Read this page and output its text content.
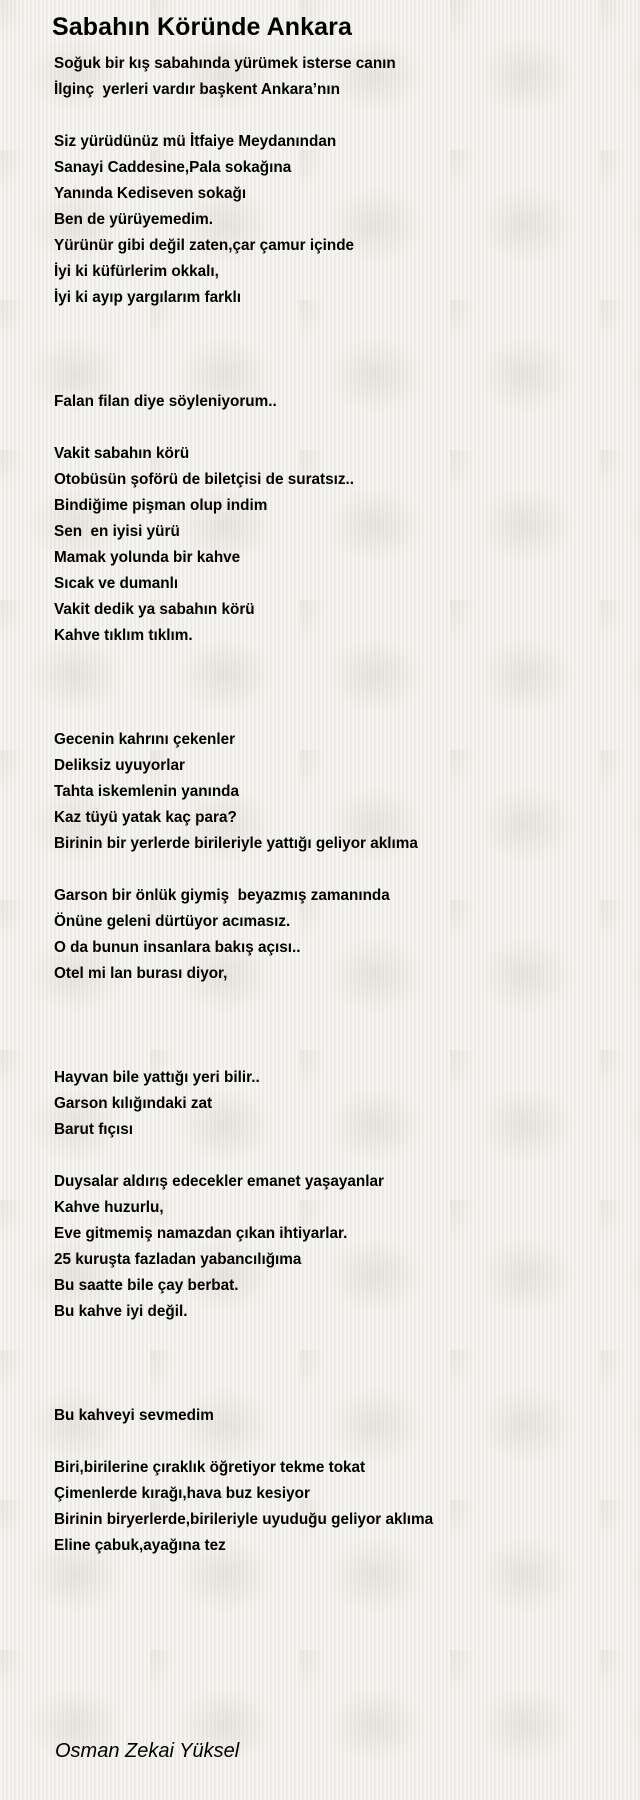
Sabahın Köründe Ankara
Soğuk bir kış sabahında yürümek isterse canın
İlginç  yerleri vardır başkent Ankara’nın
Siz yürüdünüz mü İtfaiye Meydanından
Sanayi Caddesine,Pala sokağına
Yanında Kediseven sokağı
Ben de yürüyemedim.
Yürünür gibi değil zaten,çar çamur içinde
İyi ki küfürlerim okkalı,
İyi ki ayıp yargılarım farklı
Falan filan diye söyleniyorum..
Vakit sabahın körü
Otobüsün şoförü de biletçisi de suratsız..
Bindiğime pişman olup indim
Sen  en iyisi yürü
Mamak yolunda bir kahve
Sıcak ve dumanlı
Vakit dedik ya sabahın körü
Kahve tıklım tıklım.
Gecenin kahrını çekenler
Deliksiz uyuyorlar
Tahta iskemlenin yanında
Kaz tüyü yatak kaç para?
Birinin bir yerlerde birileriyle yattığı geliyor aklıma
Garson bir önlük giymiş  beyazmış zamanında
Önüne geleni dürtüyor acımasız.
O da bunun insanlara bakış açısı..
Otel mi lan burası diyor,
Hayvan bile yattığı yeri bilir..
Garson kılığındaki zat
Barut fıçısı
Duysalar aldırış edecekler emanet yaşayanlar
Kahve huzurlu,
Eve gitmemiş namazdan çıkan ihtiyarlar.
25 kuruşta fazladan yabancılığıma
Bu saatte bile çay berbat.
Bu kahve iyi değil.
Bu kahveyi sevmedim
Biri,birilerine çıraklık öğretiyor tekme tokat
Çimenlerde kırağı,hava buz kesiyor
Birinin biryerlerde,birileriyle uyuduğu geliyor aklıma
Eline çabuk,ayağına tez
Osman Zekai Yüksel
